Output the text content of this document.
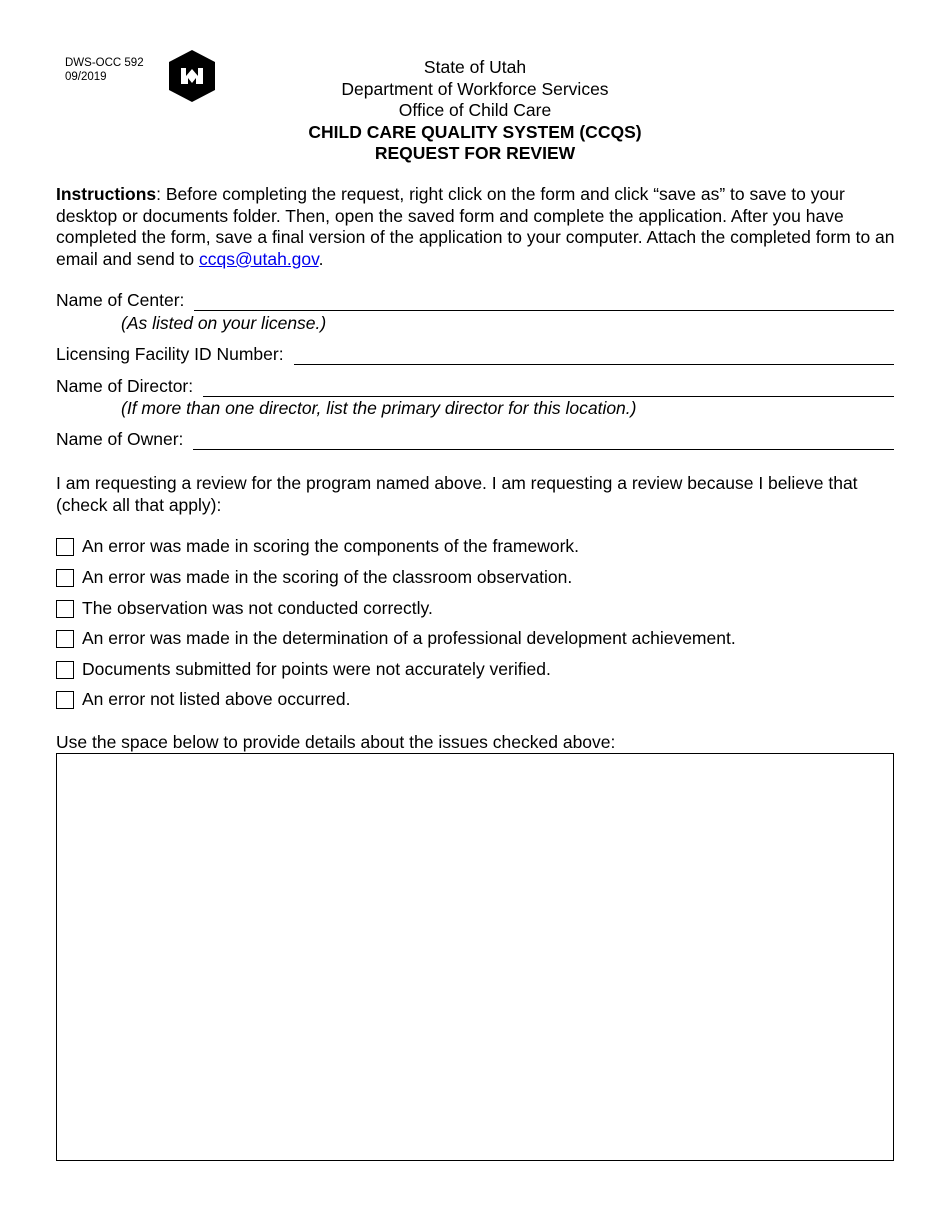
DWS-OCC 592
09/2019	State of Utah
Department of Workforce Services
Office of Child Care
CHILD CARE QUALITY SYSTEM (CCQS)
REQUEST FOR REVIEW
Instructions: Before completing the request, right click on the form and click “save as” to save to your desktop or documents folder. Then, open the saved form and complete the application. After you have completed the form, save a final version of the application to your computer. Attach the completed form to an email and send to ccqs@utah.gov.
Name of Center:
(As listed on your license.)
Licensing Facility ID Number:
Name of Director:
(If more than one director, list the primary director for this location.)
Name of Owner:
I am requesting a review for the program named above. I am requesting a review because I believe that (check all that apply):
An error was made in scoring the components of the framework.
An error was made in the scoring of the classroom observation.
The observation was not conducted correctly.
An error was made in the determination of a professional development achievement.
Documents submitted for points were not accurately verified.
An error not listed above occurred.
Use the space below to provide details about the issues checked above:
